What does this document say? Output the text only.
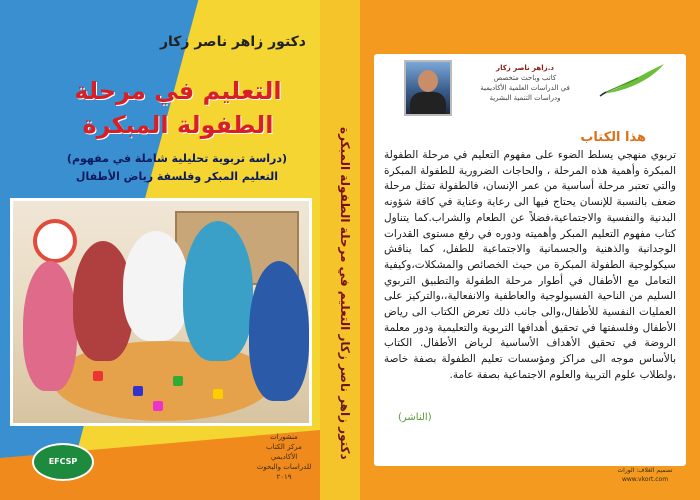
دكتور زاهر ناصر زكار
التعليم في مرحلة
الطفولة المبكرة
(دراسة تربوية تحليلية شاملة في مفهوم)
التعليم المبكر وفلسفة رياض الأطفال
EFCSP
منشورات
مركز الكتاب الأكاديمي
للدراسات والبحوث
٢٠١٩
دكتور زاهر ناصر زكار التعليم في مرحلة الطفولة المبكرة
د.زاهر ناصر زكار
كاتب وباحث متخصص
في الدراسات العلمية الأكاديمية
ودراسات التنمية البشرية
هذا الكتاب
تربوي منهجي يسلط الضوء على مفهوم التعليم في مرحلة الطفولة المبكرة وأهمية هذه المرحلة ، والحاجات الضرورية للطفولة المبكرة والتي تعتبر مرحلة أساسية من عمر الإنسان، فالطفولة تمثل مرحلة ضعف بالنسبة للإنسان يحتاج فيها الى رعاية وعناية في كافة شؤونه البدنية والنفسية والاجتماعية،فضلاً عن الطعام والشراب.كما يتناول كتاب مفهوم التعليم المبكر وأهميته ودوره في رفع مستوى القدرات الوجدانية والذهنية والجسمانية والاجتماعية للطفل، كما يناقش سيكولوجية الطفولة المبكرة من حيث الخصائص والمشكلات،وكيفية التعامل مع الأطفال في أطوار مرحلة الطفولة والتطبيق التربوي السليم من الناحية الفسيولوجية والعاطفية والانفعالية،،والتركيز على العمليات النفسية للأطفال،والى جانب ذلك تعرض الكتاب الى رياض الأطفال وفلسفتها في تحقيق أهدافها التربوية والتعليمية ودور معلمة الروضة في تحقيق الأهداف الأساسية لرياض الأطفال. الكتاب بالأساس موجه الى مراكز ومؤسسات تعليم الطفولة بصفة خاصة ،ولطلاب علوم التربية والعلوم الاجتماعية بصفة عامة.
(الناشر)
تصميم الغلاف: الوراث
www.vkort.com
